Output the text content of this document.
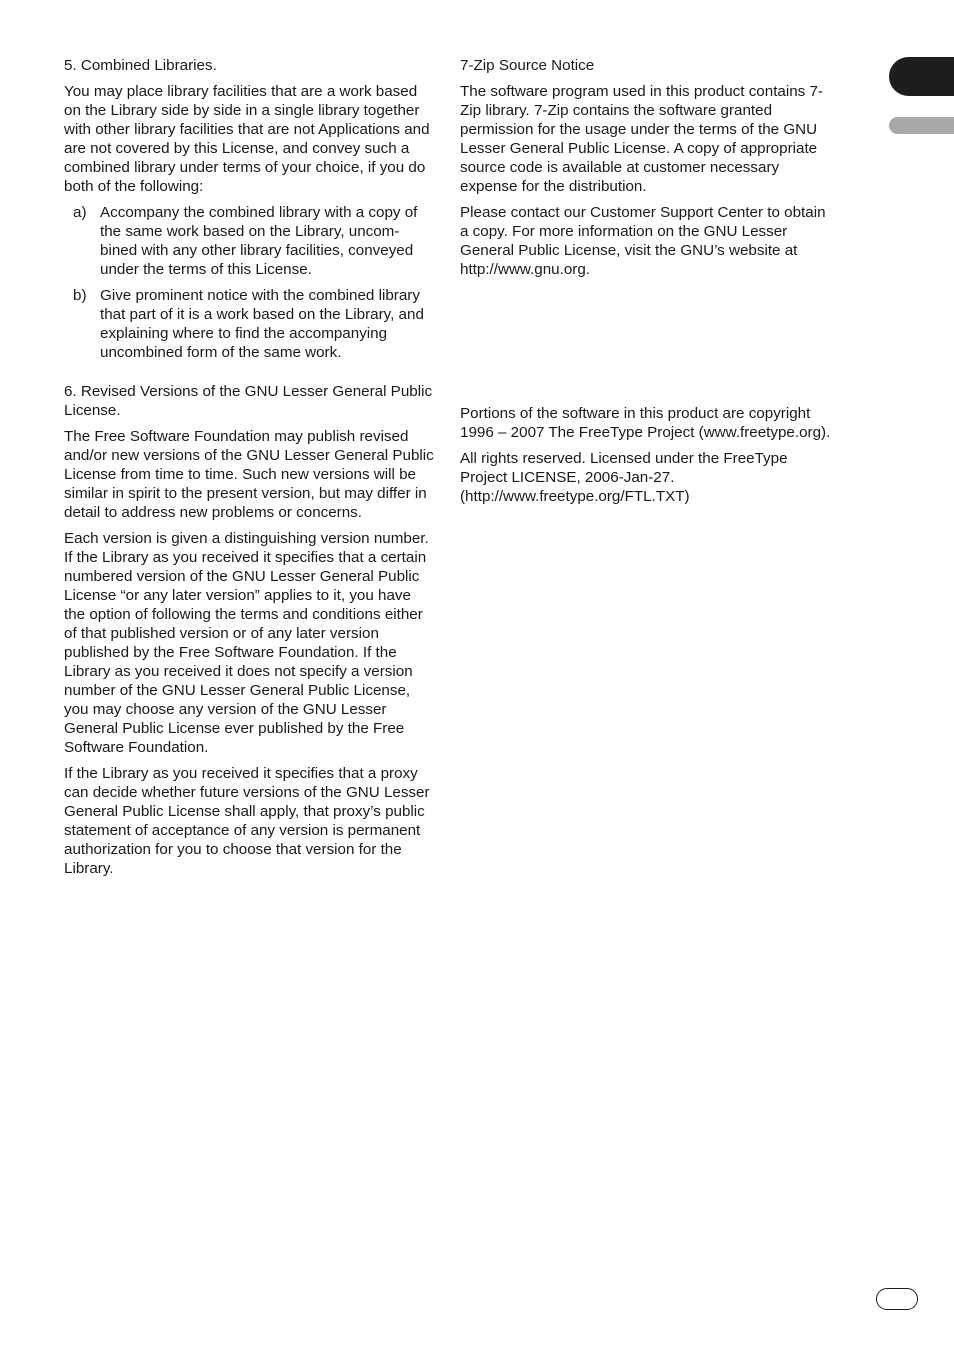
5. Combined Libraries.

You may place library facilities that are a work based on the Library side by side in a single library together with other library facilities that are not Applications and are not covered by this License, and convey such a combined library under terms of your choice, if you do both of the following:

a) Accompany the combined library with a copy of the same work based on the Library, uncom-bined with any other library facilities, conveyed under the terms of this License.
b) Give prominent notice with the combined library that part of it is a work based on the Library, and explaining where to find the accompanying uncombined form of the same work.
6. Revised Versions of the GNU Lesser General Public License.

The Free Software Foundation may publish revised and/or new versions of the GNU Lesser General Public License from time to time. Such new versions will be similar in spirit to the present version, but may differ in detail to address new problems or concerns.

Each version is given a distinguishing version number. If the Library as you received it specifies that a certain numbered version of the GNU Lesser General Public License “or any later version” applies to it, you have the option of following the terms and conditions either of that published version or of any later version published by the Free Software Foundation. If the Library as you received it does not specify a version number of the GNU Lesser General Public License, you may choose any version of the GNU Lesser General Public License ever published by the Free Software Foundation.

If the Library as you received it specifies that a proxy can decide whether future versions of the GNU Lesser General Public License shall apply, that proxy’s public statement of acceptance of any version is permanent authorization for you to choose that version for the Library.

7-Zip Source Notice

The software program used in this product contains 7-Zip library. 7-Zip contains the software granted permission for the usage under the terms of the GNU Lesser General Public License. A copy of appropriate source code is available at customer necessary expense for the distribution.

Please contact our Customer Support Center to obtain a copy. For more information on the GNU Lesser General Public License, visit the GNU’s website at http://www.gnu.org.

Portions of the software in this product are copyright 1996 – 2007 The FreeType Project (www.freetype.org).

All rights reserved. Licensed under the FreeType Project LICENSE, 2006-Jan-27. (http://www.freetype.org/FTL.TXT)
